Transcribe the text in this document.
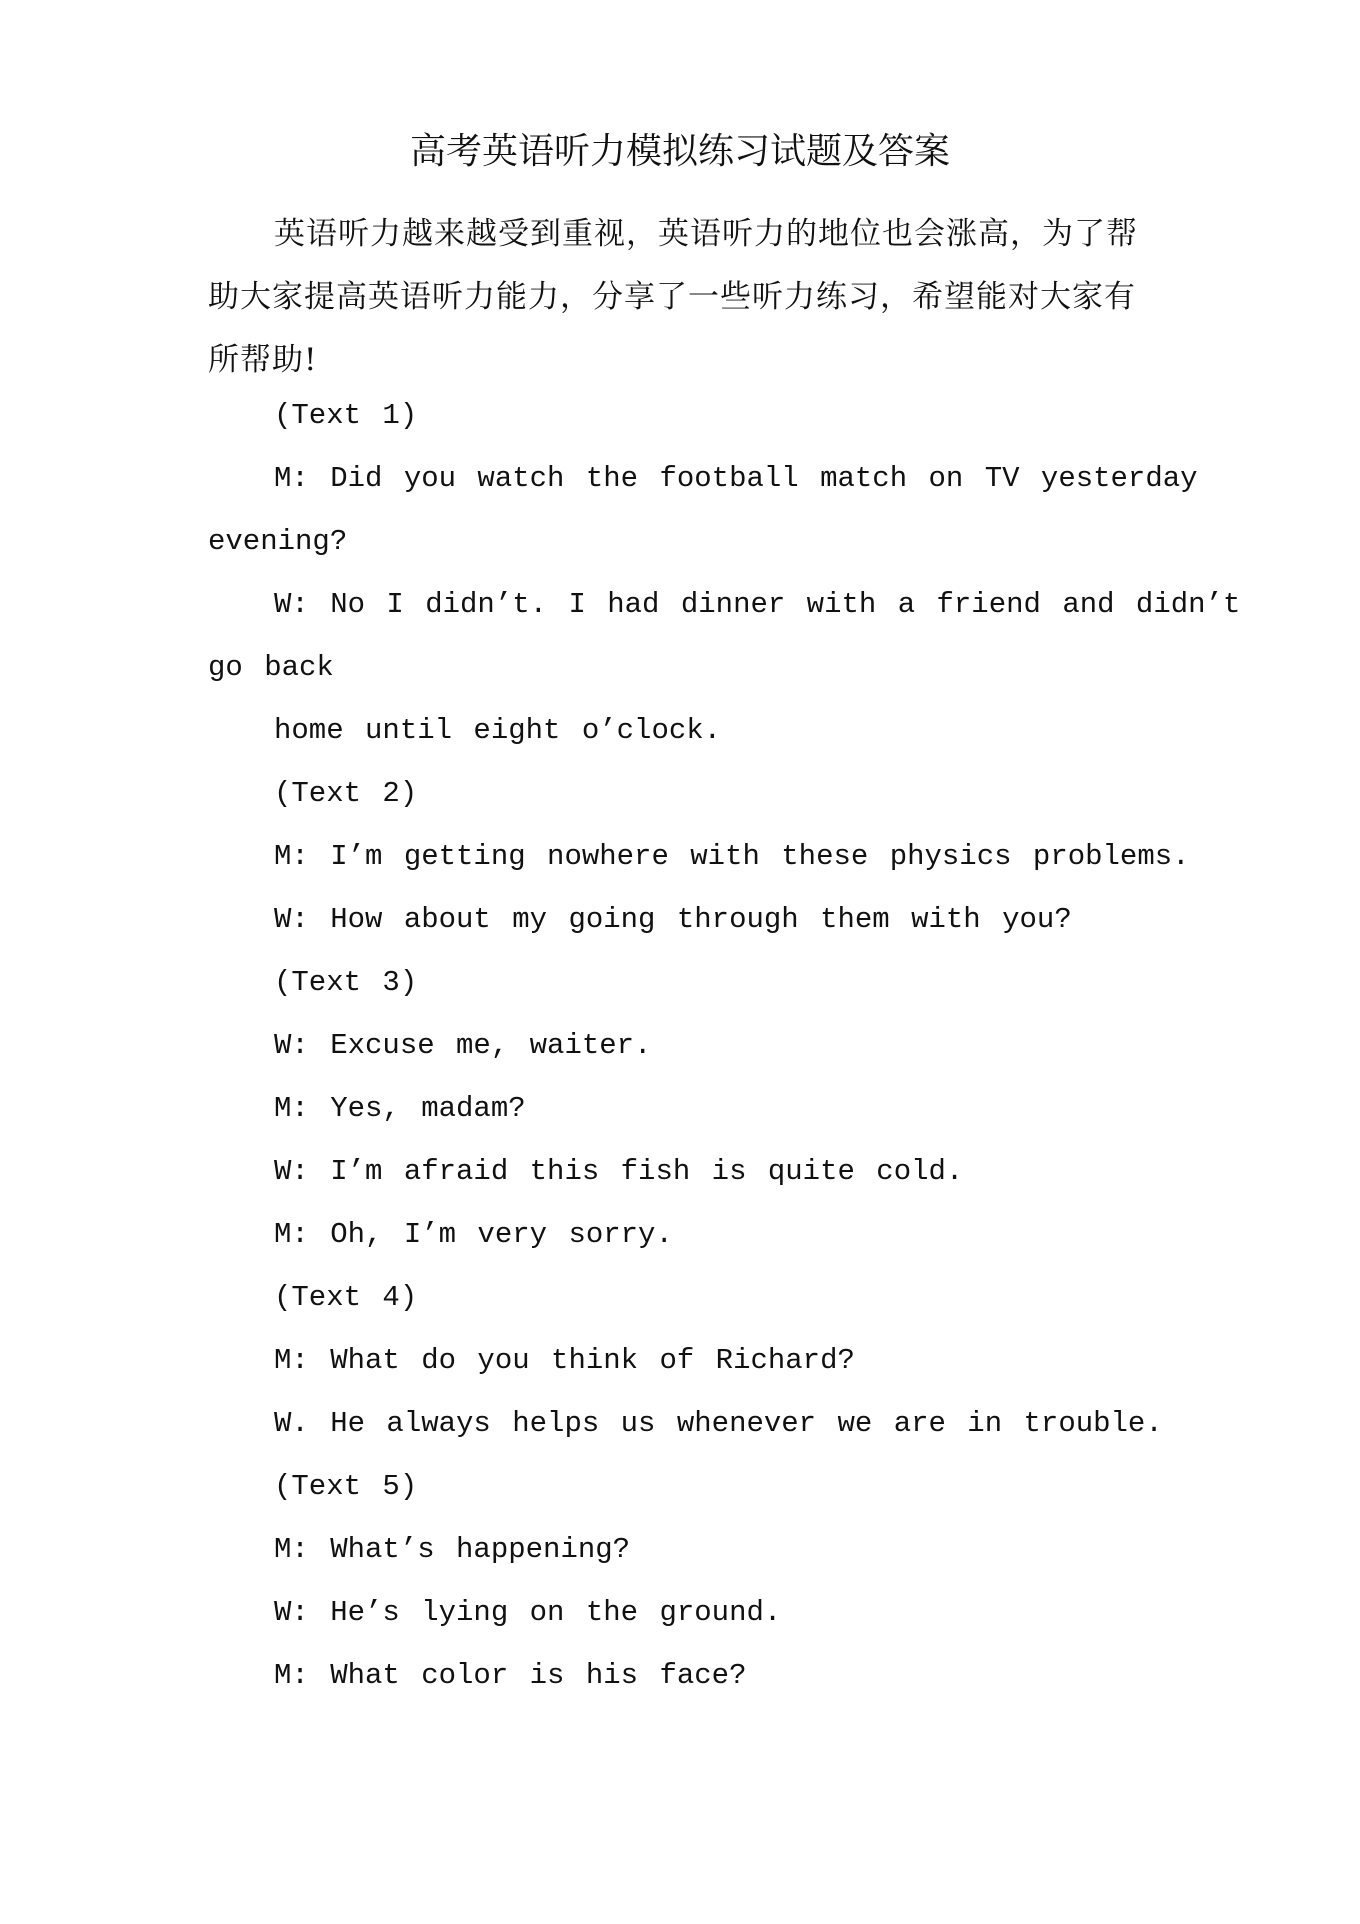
高考英语听力模拟练习试题及答案
英语听力越来越受到重视，英语听力的地位也会涨高，为了帮助大家提高英语听力能力，分享了一些听力练习，希望能对大家有所帮助!

(Text 1)

M: Did you watch the football match on TV yesterday

evening?

W: No I didn’t. I had dinner with a friend and didn’t

go back

home until eight o’clock.

(Text 2)

M: I’m getting nowhere with these physics problems.

W: How about my going through them with you?

(Text 3)

W: Excuse me, waiter.

M: Yes, madam?

W: I’m afraid this fish is quite cold.

M: Oh, I’m very sorry.

(Text 4)

M: What do you think of Richard?

W. He always helps us whenever we are in trouble.

(Text 5)

M: What’s happening?

W: He’s lying on the ground.

M: What color is his face?
